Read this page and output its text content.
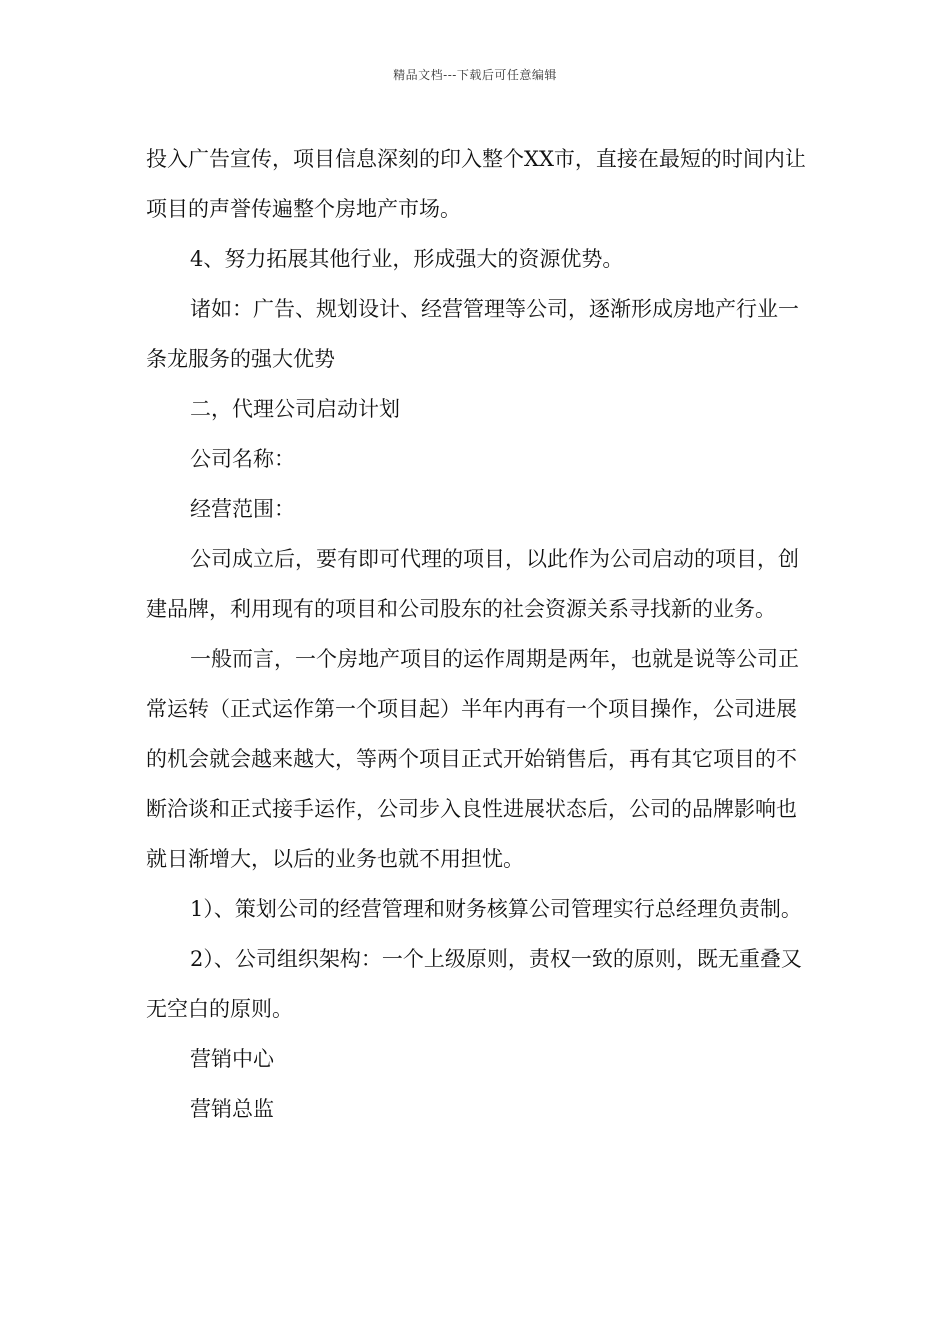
精品文档---下载后可任意编辑

投入广告宣传，项目信息深刻的印入整个XX市，直接在最短的时间内让项目的声誉传遍整个房地产市场。

4、努力拓展其他行业，形成强大的资源优势。

诸如：广告、规划设计、经营管理等公司，逐渐形成房地产行业一条龙服务的强大优势

二，代理公司启动计划

公司名称：

经营范围：

公司成立后，要有即可代理的项目，以此作为公司启动的项目，创建品牌，利用现有的项目和公司股东的社会资源关系寻找新的业务。

一般而言，一个房地产项目的运作周期是两年，也就是说等公司正常运转（正式运作第一个项目起）半年内再有一个项目操作，公司进展的机会就会越来越大，等两个项目正式开始销售后，再有其它项目的不断洽谈和正式接手运作，公司步入良性进展状态后，公司的品牌影响也就日渐增大，以后的业务也就不用担忧。

1）、策划公司的经营管理和财务核算公司管理实行总经理负责制。

2）、公司组织架构：一个上级原则，责权一致的原则，既无重叠又无空白的原则。

营销中心

营销总监
